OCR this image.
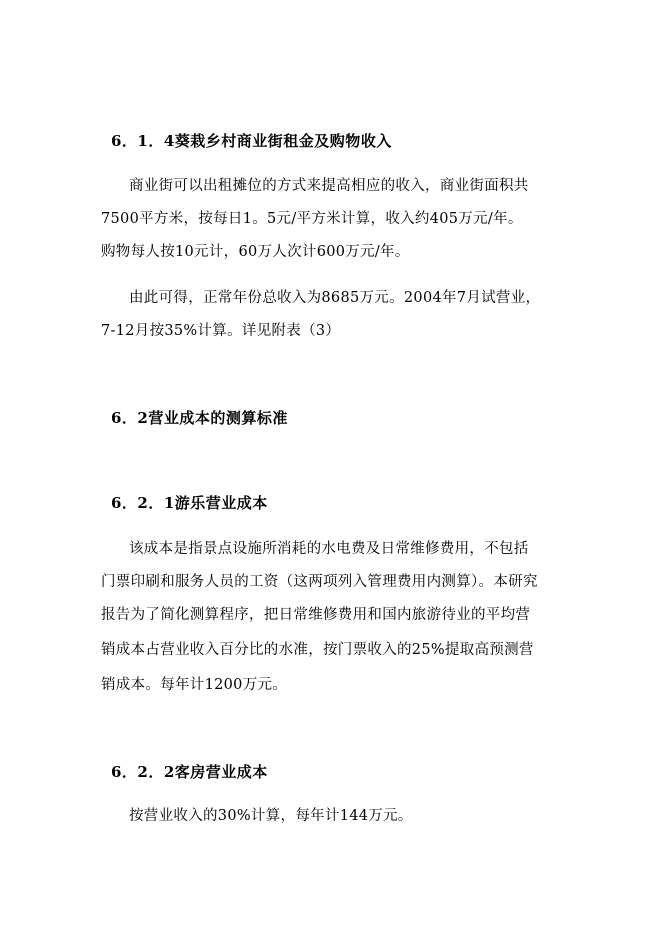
6．1．4葵栽乡村商业街租金及购物收入
商业街可以出租摊位的方式来提高相应的收入，商业街面积共
7500平方米，按每日1。5元/平方米计算，收入约405万元/年。
购物每人按10元计，60万人次计600万元/年。
由此可得，正常年份总收入为8685万元。2004年7月试营业，
7-12月按35%计算。详见附表（3）
6．2营业成本的测算标准
6．2．1游乐营业成本
该成本是指景点设施所消耗的水电费及日常维修费用，不包括
门票印刷和服务人员的工资（这两项列入管理费用内测算）。本研究
报告为了简化测算程序，把日常维修费用和国内旅游待业的平均营
销成本占营业收入百分比的水准，按门票收入的25%提取高预测营
销成本。每年计1200万元。
6．2．2客房营业成本
按营业收入的30%计算，每年计144万元。
